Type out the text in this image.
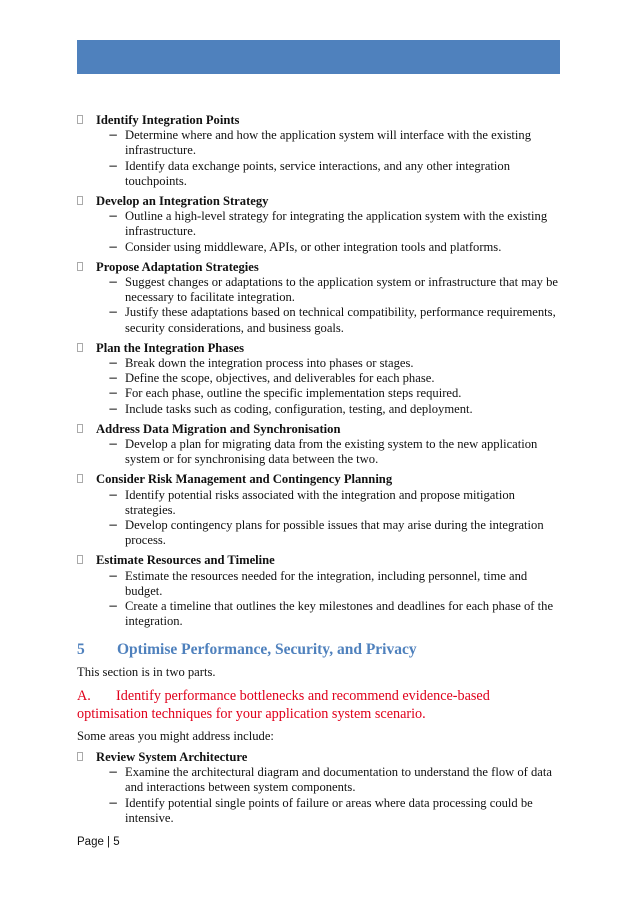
Identify Integration Points
− Determine where and how the application system will interface with the existing infrastructure.
− Identify data exchange points, service interactions, and any other integration touchpoints.
Develop an Integration Strategy
− Outline a high-level strategy for integrating the application system with the existing infrastructure.
− Consider using middleware, APIs, or other integration tools and platforms.
Propose Adaptation Strategies
− Suggest changes or adaptations to the application system or infrastructure that may be necessary to facilitate integration.
− Justify these adaptations based on technical compatibility, performance requirements, security considerations, and business goals.
Plan the Integration Phases
− Break down the integration process into phases or stages.
− Define the scope, objectives, and deliverables for each phase.
− For each phase, outline the specific implementation steps required.
− Include tasks such as coding, configuration, testing, and deployment.
Address Data Migration and Synchronisation
− Develop a plan for migrating data from the existing system to the new application system or for synchronising data between the two.
Consider Risk Management and Contingency Planning
− Identify potential risks associated with the integration and propose mitigation strategies.
− Develop contingency plans for possible issues that may arise during the integration process.
Estimate Resources and Timeline
− Estimate the resources needed for the integration, including personnel, time and budget.
− Create a timeline that outlines the key milestones and deadlines for each phase of the integration.
5 Optimise Performance, Security, and Privacy
This section is in two parts.
A. Identify performance bottlenecks and recommend evidence-based optimisation techniques for your application system scenario.
Some areas you might address include:
Review System Architecture
− Examine the architectural diagram and documentation to understand the flow of data and interactions between system components.
− Identify potential single points of failure or areas where data processing could be intensive.
Page | 5
